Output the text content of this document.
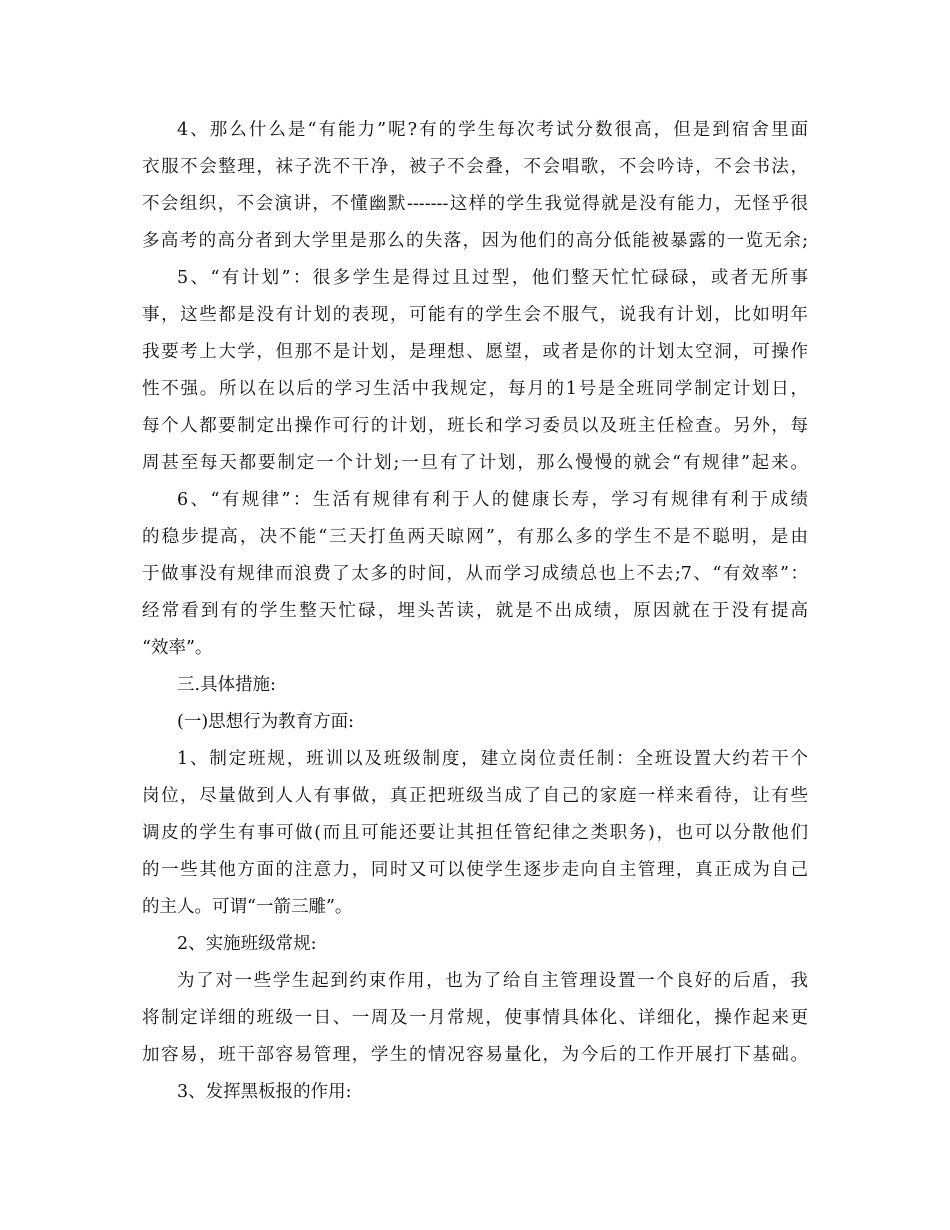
4、那么什么是“有能力”呢?有的学生每次考试分数很高，但是到宿舍里面
衣服不会整理，袜子洗不干净，被子不会叠，不会唱歌，不会吟诗，不会书法，
不会组织，不会演讲，不懂幽默-------这样的学生我觉得就是没有能力，无怪乎很
多高考的高分者到大学里是那么的失落，因为他们的高分低能被暴露的一览无余;
5、“有计划”：很多学生是得过且过型，他们整天忙忙碌碌，或者无所事
事，这些都是没有计划的表现，可能有的学生会不服气，说我有计划，比如明年
我要考上大学，但那不是计划，是理想、愿望，或者是你的计划太空洞，可操作
性不强。所以在以后的学习生活中我规定，每月的1号是全班同学制定计划日，
每个人都要制定出操作可行的计划，班长和学习委员以及班主任检查。另外，每
周甚至每天都要制定一个计划;一旦有了计划，那么慢慢的就会“有规律”起来。
6、“有规律”：生活有规律有利于人的健康长寿，学习有规律有利于成绩
的稳步提高，决不能“三天打鱼两天晾网”，有那么多的学生不是不聪明，是由
于做事没有规律而浪费了太多的时间，从而学习成绩总也上不去;7、“有效率”：
经常看到有的学生整天忙碌，埋头苦读，就是不出成绩，原因就在于没有提高
“效率”。
三.具体措施:
(一)思想行为教育方面:
1、制定班规，班训以及班级制度，建立岗位责任制：全班设置大约若干个
岗位，尽量做到人人有事做，真正把班级当成了自己的家庭一样来看待，让有些
调皮的学生有事可做(而且可能还要让其担任管纪律之类职务)，也可以分散他们
的一些其他方面的注意力，同时又可以使学生逐步走向自主管理，真正成为自己
的主人。可谓“一箭三雕”。
2、实施班级常规:
为了对一些学生起到约束作用，也为了给自主管理设置一个良好的后盾，我
将制定详细的班级一日、一周及一月常规，使事情具体化、详细化，操作起来更
加容易，班干部容易管理，学生的情况容易量化，为今后的工作开展打下基础。
3、发挥黑板报的作用:
